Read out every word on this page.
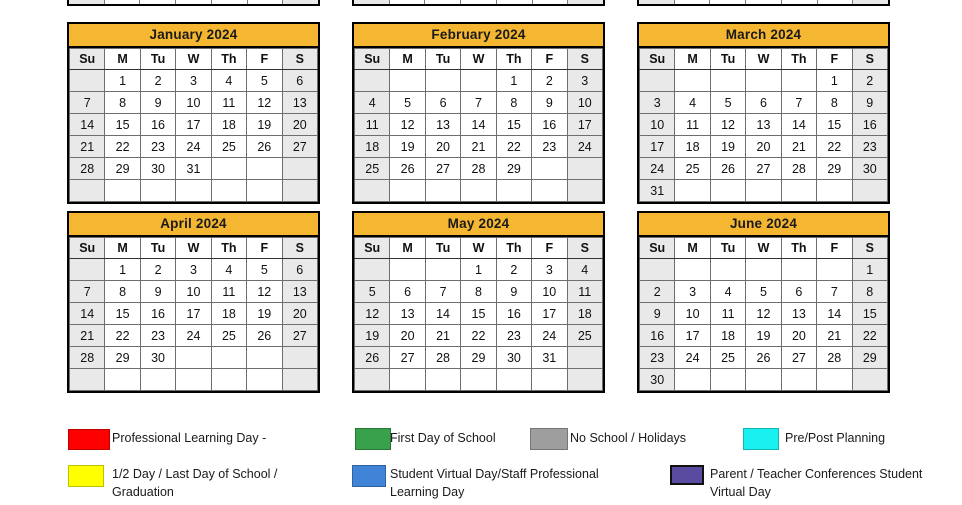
January 2024
Su	M	Tu	W	Th	F	S
	1	2	3	4	5	6
7	8	9	10	11	12	13
14	15	16	17	18	19	20
21	22	23	24	25	26	27
28	29	30	31			

February 2024
Su	M	Tu	W	Th	F	S
				1	2	3
4	5	6	7	8	9	10
11	12	13	14	15	16	17
18	19	20	21	22	23	24
25	26	27	28	29		

March 2024
Su	M	Tu	W	Th	F	S
					1	2
3	4	5	6	7	8	9
10	11	12	13	14	15	16
17	18	19	20	21	22	23
24	25	26	27	28	29	30
31						
April 2024
Su	M	Tu	W	Th	F	S
	1	2	3	4	5	6
7	8	9	10	11	12	13
14	15	16	17	18	19	20
21	22	23	24	25	26	27
28	29	30				

May 2024
Su	M	Tu	W	Th	F	S
			1	2	3	4
5	6	7	8	9	10	11
12	13	14	15	16	17	18
19	20	21	22	23	24	25
26	27	28	29	30	31	

June 2024
Su	M	Tu	W	Th	F	S
						1
2	3	4	5	6	7	8
9	10	11	12	13	14	15
16	17	18	19	20	21	22
23	24	25	26	27	28	29
30						
Professional Learning Day -	First Day of School	No School / Holidays	Pre/Post Planning
1/2 Day / Last Day of School / Graduation
Student Virtual Day/Staff Professional Learning Day
Parent / Teacher Conferences Student Virtual Day
